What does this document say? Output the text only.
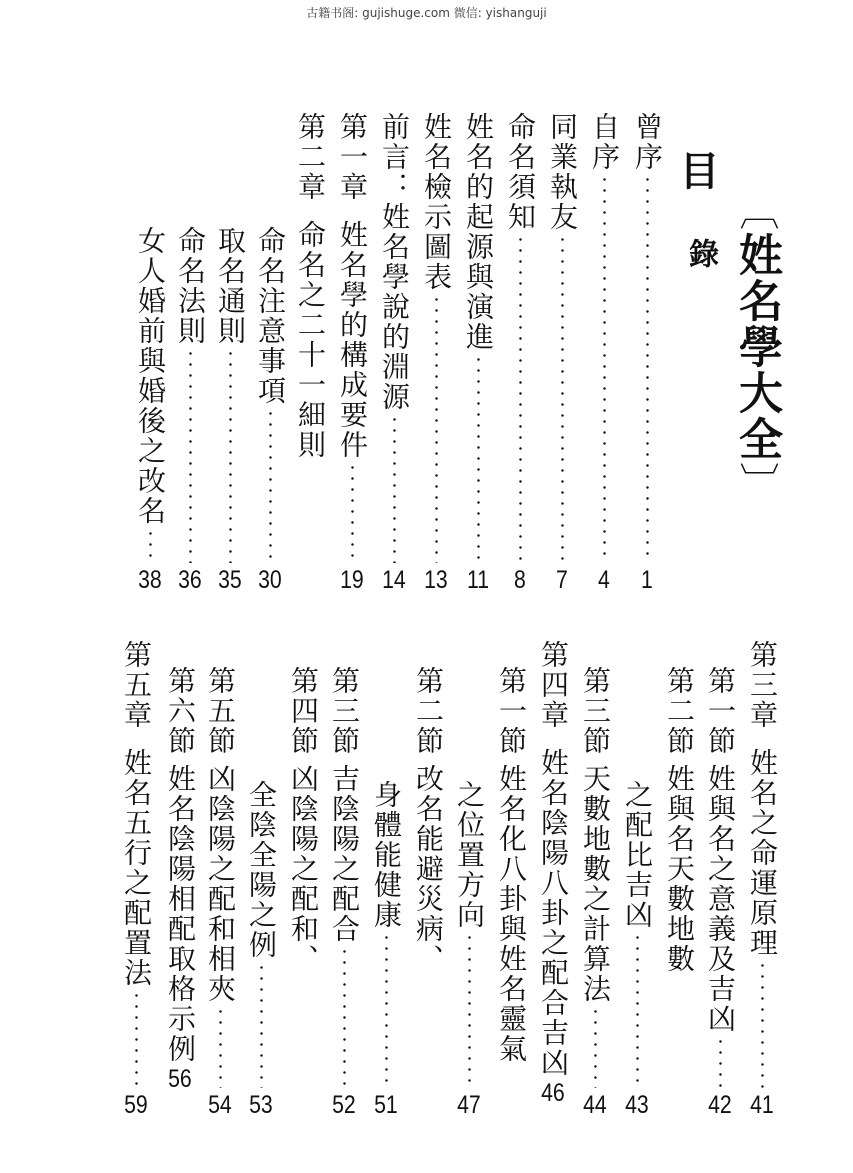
古籍书阁: gujishuge.com 微信: yishanguji
︹姓名學大全︺
目
錄
曾序
1
自序
4
同業執友
7
命名須知
8
姓名的起源與演進
11
姓名檢示圖表
13
前言：姓名學說的淵源
14
第一章
姓名學的構成要件
19
第二章
命名之二十一細則
命名注意事項
30
取名通則
35
命名法則
36
女人婚前與婚後之改名
38
第三章
姓名之命運原理
41
第一節
姓與名之意義及吉凶
42
第二節
姓與名天數地數
之配比吉凶
43
第三節
天數地數之計算法
44
第四章
姓名陰陽八卦之配合吉凶
46
第一節
姓名化八卦與姓名靈氣
之位置方向
47
第二節
改名能避災病、
身體能健康
51
第三節
吉陰陽之配合
52
第四節
凶陰陽之配和、
全陰全陽之例
53
第五節
凶陰陽之配和相夾
54
第六節
姓名陰陽相配取格示例
56
第五章
姓名五行之配置法
59
